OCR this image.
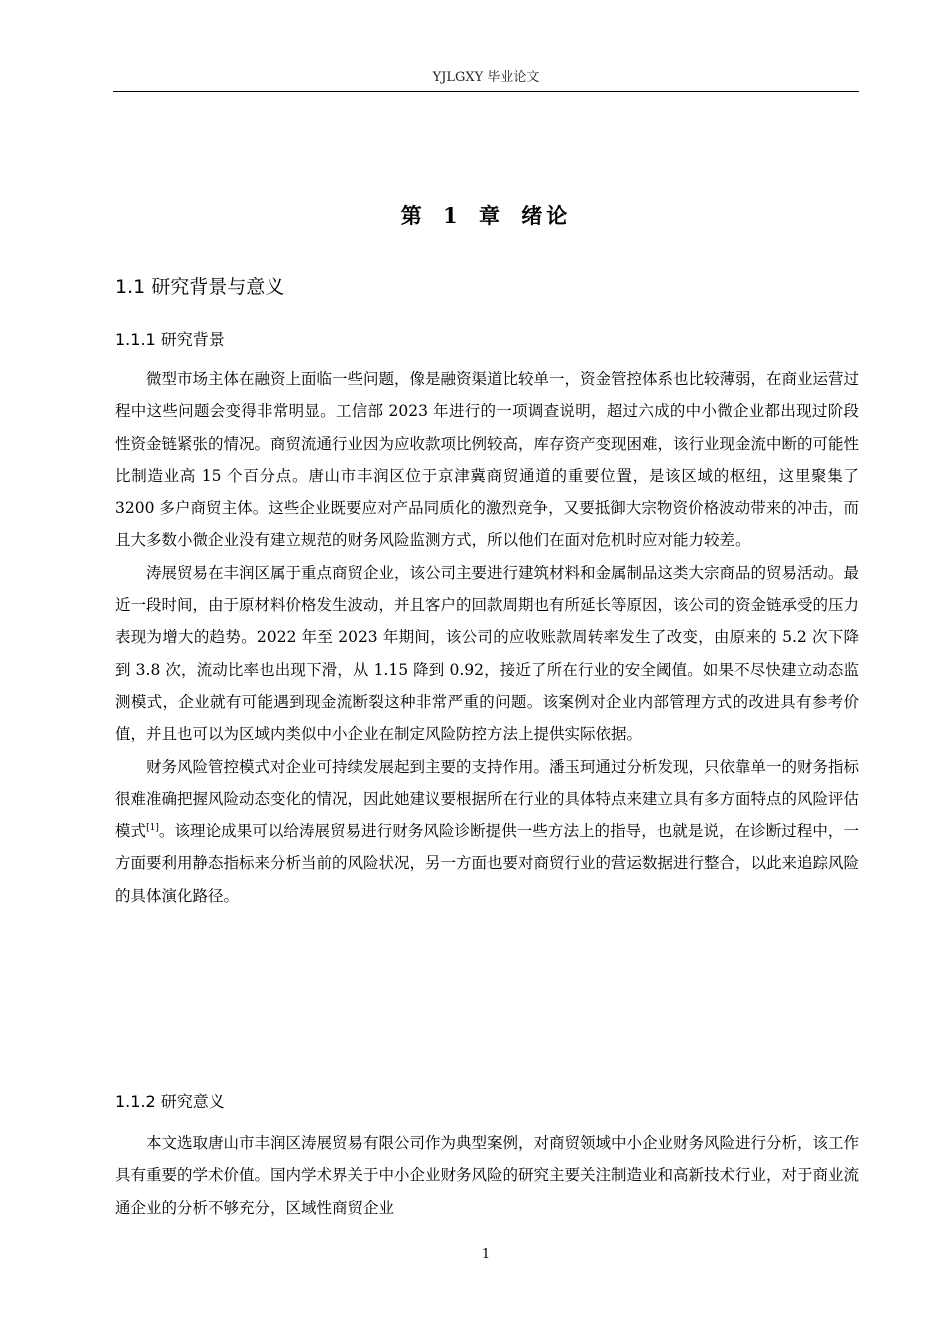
YJLGXY 毕业论文
第 1 章 绪论
1.1 研究背景与意义
1.1.1 研究背景

微型市场主体在融资上面临一些问题，像是融资渠道比较单一，资金管控体系也比较薄弱，在商业运营过程中这些问题会变得非常明显。工信部 2023 年进行的一项调查说明，超过六成的中小微企业都出现过阶段性资金链紧张的情况。商贸流通行业因为应收款项比例较高，库存资产变现困难，该行业现金流中断的可能性比制造业高 15 个百分点。唐山市丰润区位于京津冀商贸通道的重要位置，是该区域的枢纽，这里聚集了 3200 多户商贸主体。这些企业既要应对产品同质化的激烈竞争，又要抵御大宗物资价格波动带来的冲击，而且大多数小微企业没有建立规范的财务风险监测方式，所以他们在面对危机时应对能力较差。

涛展贸易在丰润区属于重点商贸企业，该公司主要进行建筑材料和金属制品这类大宗商品的贸易活动。最近一段时间，由于原材料价格发生波动，并且客户的回款周期也有所延长等原因，该公司的资金链承受的压力表现为增大的趋势。2022 年至 2023 年期间，该公司的应收账款周转率发生了改变，由原来的 5.2 次下降到 3.8 次，流动比率也出现下滑，从 1.15 降到 0.92，接近了所在行业的安全阈值。如果不尽快建立动态监测模式，企业就有可能遇到现金流断裂这种非常严重的问题。该案例对企业内部管理方式的改进具有参考价值，并且也可以为区域内类似中小企业在制定风险防控方法上提供实际依据。

财务风险管控模式对企业可持续发展起到主要的支持作用。潘玉珂通过分析发现，只依靠单一的财务指标很难准确把握风险动态变化的情况，因此她建议要根据所在行业的具体特点来建立具有多方面特点的风险评估模式[1]。该理论成果可以给涛展贸易进行财务风险诊断提供一些方法上的指导，也就是说，在诊断过程中，一方面要利用静态指标来分析当前的风险状况，另一方面也要对商贸行业的营运数据进行整合，以此来追踪风险的具体演化路径。

1.1.2 研究意义

本文选取唐山市丰润区涛展贸易有限公司作为典型案例，对商贸领域中小企业财务风险进行分析，该工作具有重要的学术价值。国内学术界关于中小企业财务风险的研究主要关注制造业和高新技术行业，对于商业流通企业的分析不够充分，区域性商贸企业

1
